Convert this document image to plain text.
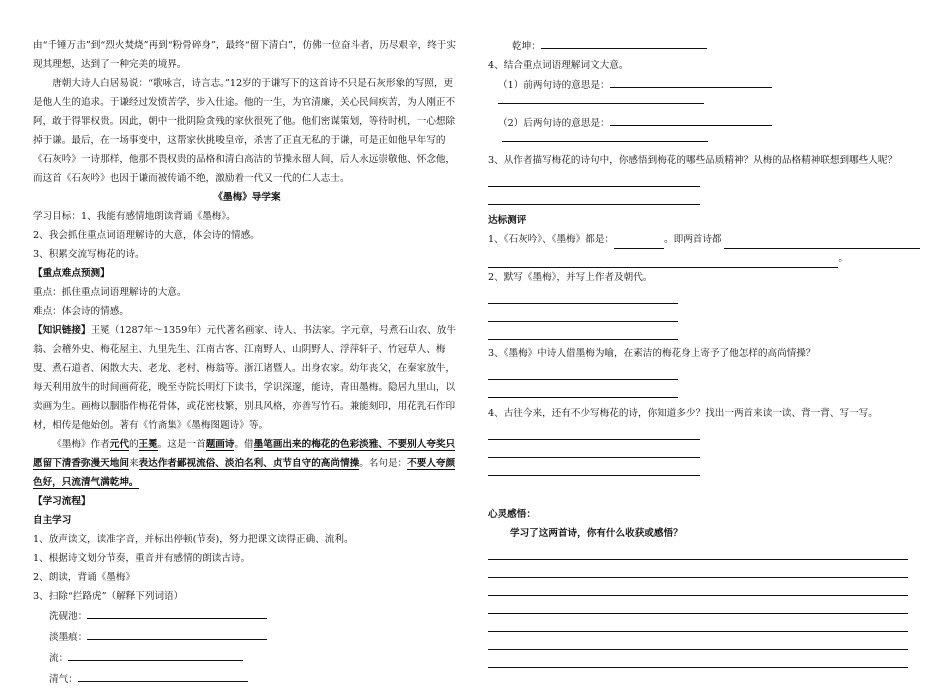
由“千锤万击”到“烈火焚烧”再到“粉骨碎身”，最终“留下清白”，仿佛一位奋斗者，历尽艰辛，终于实现其理想，达到了一种完美的境界。

唐朝大诗人白居易说：“歌咏言，诗言志。”12岁的于谦写下的这首诗不只是石灰形象的写照，更是他人生的追求。于谦经过发愤苦学，步入仕途。他的一生，为官清廉，关心民间疾苦，为人刚正不阿，敢于得罪权贵。因此，朝中一批阴险贪残的家伙很死了他。他们密谋策划，等待时机，一心想除掉于谦。最后，在一场事变中，这帮家伙挑唆皇帝，杀害了正直无私的于谦，可是正如他早年写的《石灰吟》一诗那样，他那不畏权贵的品格和清白高洁的节操永留人间，后人永远崇敬他、怀念他，而这首《石灰吟》也因于谦而被传诵不绝，激励着一代又一代的仁人志士。

《墨梅》导学案

学习目标：1、我能有感情地朗读背诵《墨梅》。

2、我会抓住重点词语理解诗的大意，体会诗的情感。

3、积累交流写梅花的诗。

【重点难点预测】

重点：抓住重点词语理解诗的大意。

难点：体会诗的情感。

【知识链接】王冕（1287年～1359年）元代著名画家、诗人、书法家。字元章，号煮石山农、放牛翁、会稽外史、梅花屋主、九里先生、江南古客、江南野人、山阴野人、浮萍轩子、竹冠草人、梅叟、煮石道者、闲散大夫、老龙、老村、梅翁等。浙江诸暨人。出身农家。幼年丧父，在秦家放牛，每天利用放牛的时间画荷花，晚至寺院长明灯下读书，学识深邃，能诗，青田墨梅。隐居九里山，以卖画为生。画梅以胭脂作梅花骨体，或花密枝繁，别具风格，亦善写竹石。兼能刻印，用花乳石作印材，相传是他始创。著有《竹斋集》《墨梅图题诗》等。

《墨梅》作者元代的王冕。这是一首题画诗。借墨笔画出来的梅花的色彩淡雅、不要别人夸奖只愿留下清香弥漫天地间来表达作者鄙视流俗、淡泊名利、贞节自守的高尚情操。名句是：不要人夸颜色好，只流清气满乾坤。

【学习流程】

自主学习

1、放声读文，读准字音，并标出停顿(节奏)，努力把课文读得正确、流利。

1、根据诗文划分节奏，重音并有感情的朗读古诗。

2、朗读，背诵《墨梅》

3、扫除“拦路虎”（解释下列词语）

洗砚池：
淡墨痕：
流：
清气：
乾坤：

4、结合重点词语理解词文大意。

（1）前两句诗的意思是：
（2）后两句诗的意思是：

3、从作者描写梅花的诗句中，你感悟到梅花的哪些品质精神？从梅的品格精神联想到哪些人呢？

达标测评

1、《石灰吟》、《墨梅》都是：	。即两首诗都
。

2、默写《墨梅》，并写上作者及朝代。

3、《墨梅》中诗人借墨梅为喻，在素洁的梅花身上寄予了他怎样的高尚情操？

4、古往今来，还有不少写梅花的诗，你知道多少？找出一两首来读一读、背一背、写一写。

心灵感悟：

学习了这两首诗，你有什么收获或感悟？
